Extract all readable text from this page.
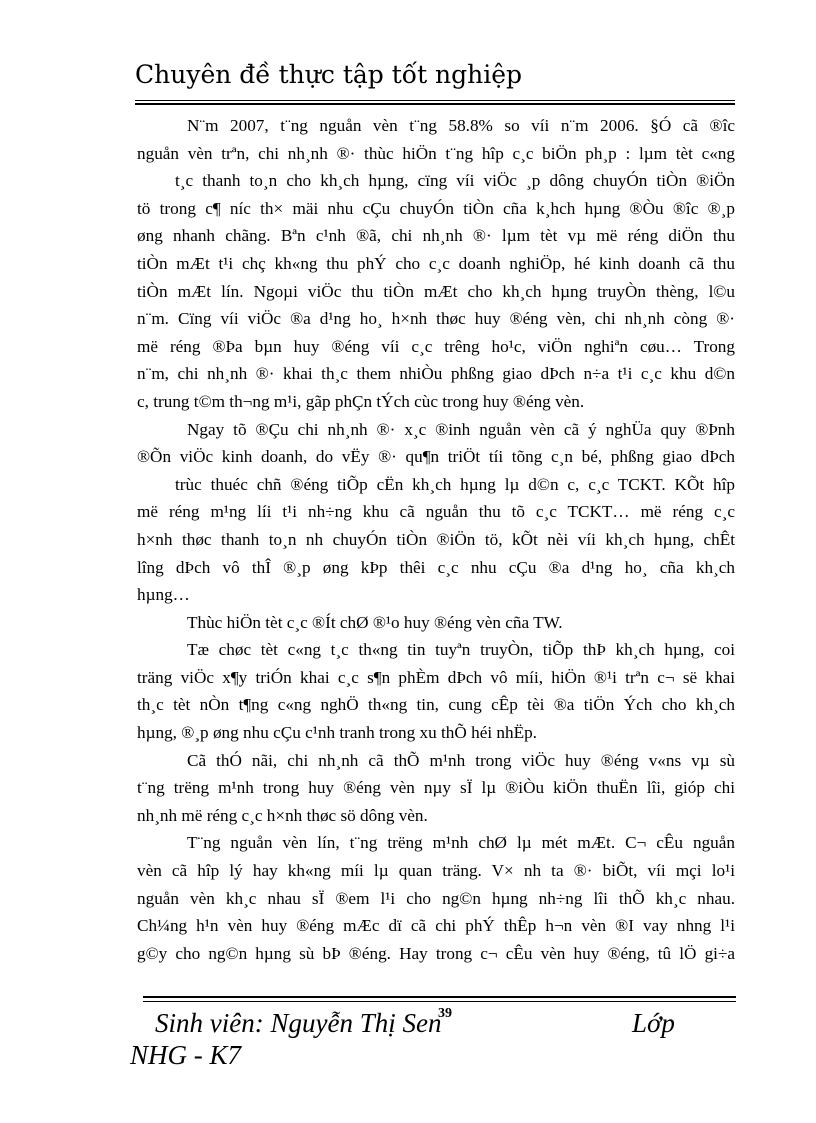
Chuyên đề thực tập tốt nghiệp
N¨m 2007, t¨ng nguån vèn t¨ng 58.8% so víi n¨m 2006. §Ó cã ®îc
nguån vèn trªn, chi nh¸nh ®· thùc hiÖn t¨ng hîp c¸c biÖn ph¸p : lµm tèt c«ng
t¸c thanh to¸n cho kh¸ch hµng, cïng víi viÖc ¸p dông chuyÓn tiÒn ®iÖn
tö trong c¶ níc th× mäi nhu cÇu chuyÓn tiÒn cña k¸hch hµng ®Òu ®îc ®¸p
øng nhanh chãng. Bªn c¹nh ®ã, chi nh¸nh ®· lµm tèt vµ më réng diÖn thu
tiÒn mÆt t¹i chç kh«ng thu phÝ cho c¸c doanh nghiÖp, hé kinh doanh cã thu
tiÒn mÆt lín. Ngoµi viÖc thu tiÒn mÆt cho kh¸ch hµng truyÒn thèng, l©u
n¨m. Cïng víi viÖc ®a d¹ng ho¸ h×nh thøc huy ®éng vèn, chi nh¸nh còng ®·
më réng ®Þa bµn huy ®éng víi c¸c trêng ho¹c, viÖn nghiªn cøu… Trong
n¨m, chi nh¸nh ®· khai th¸c them nhiÒu phßng giao dÞch n÷a t¹i c¸c khu d©n
c, trung t©m th¬ng m¹i, gãp phÇn tÝch cùc trong huy ®éng vèn.
Ngay tõ ®Çu chi nh¸nh ®· x¸c ®inh nguån vèn cã ý nghÜa quy ®Þnh
®Õn viÖc kinh doanh, do vËy ®· qu¶n triÖt tíi tõng c¸n bé, phßng giao dÞch
trùc thuéc chñ ®éng tiÕp cËn kh¸ch hµng lµ d©n c, c¸c TCKT. KÕt hîp
më réng m¹ng líi t¹i nh÷ng khu cã nguån thu tõ c¸c TCKT… më réng c¸c
h×nh thøc thanh to¸n nh chuyÓn tiÒn ®iÖn tö, kÕt nèi víi kh¸ch hµng, chÊt
lîng dÞch vô thÎ ®¸p øng kÞp thêi c¸c nhu cÇu ®a d¹ng ho¸ cña kh¸ch
hµng…
Thùc hiÖn tèt c¸c ®Ít chØ ®¹o huy ®éng vèn cña TW.
Tæ chøc tèt c«ng t¸c th«ng tin tuyªn truyÒn, tiÕp thÞ kh¸ch hµng, coi
träng viÖc x¶y triÓn khai c¸c s¶n phÈm dÞch vô míi, hiÖn ®¹i trªn c¬ së khai
th¸c tèt nÒn t¶ng c«ng nghÖ th«ng tin, cung cÊp tèi ®a tiÖn Ých cho kh¸ch
hµng, ®¸p øng nhu cÇu c¹nh tranh trong xu thÕ héi nhËp.
Cã thÓ nãi, chi nh¸nh cã thÕ m¹nh trong viÖc huy ®éng v«ns vµ sù
t¨ng trëng m¹nh trong huy ®éng vèn nµy sÏ lµ ®iÒu kiÖn thuËn lîi, gióp chi
nh¸nh më réng c¸c h×nh thøc sö dông vèn.
T¨ng nguån vèn lín, t¨ng trëng m¹nh chØ lµ mét mÆt. C¬ cÊu nguån
vèn cã hîp lý hay kh«ng míi lµ quan träng. V× nh ta ®· biÕt, víi mçi lo¹i
nguån vèn kh¸c nhau sÏ ®em l¹i cho ng©n hµng nh÷ng lîi thÕ kh¸c nhau.
Ch¼ng h¹n vèn huy ®éng mÆc dï cã chi phÝ thÊp h¬n vèn ®I vay nhng l¹i
g©y cho ng©n hµng sù bÞ ®éng. Hay trong c¬ cÊu vèn huy ®éng, tû lÖ gi÷a
Sinh viên: Nguyễn Thị Sen
39	Lớp
NHG - K7
